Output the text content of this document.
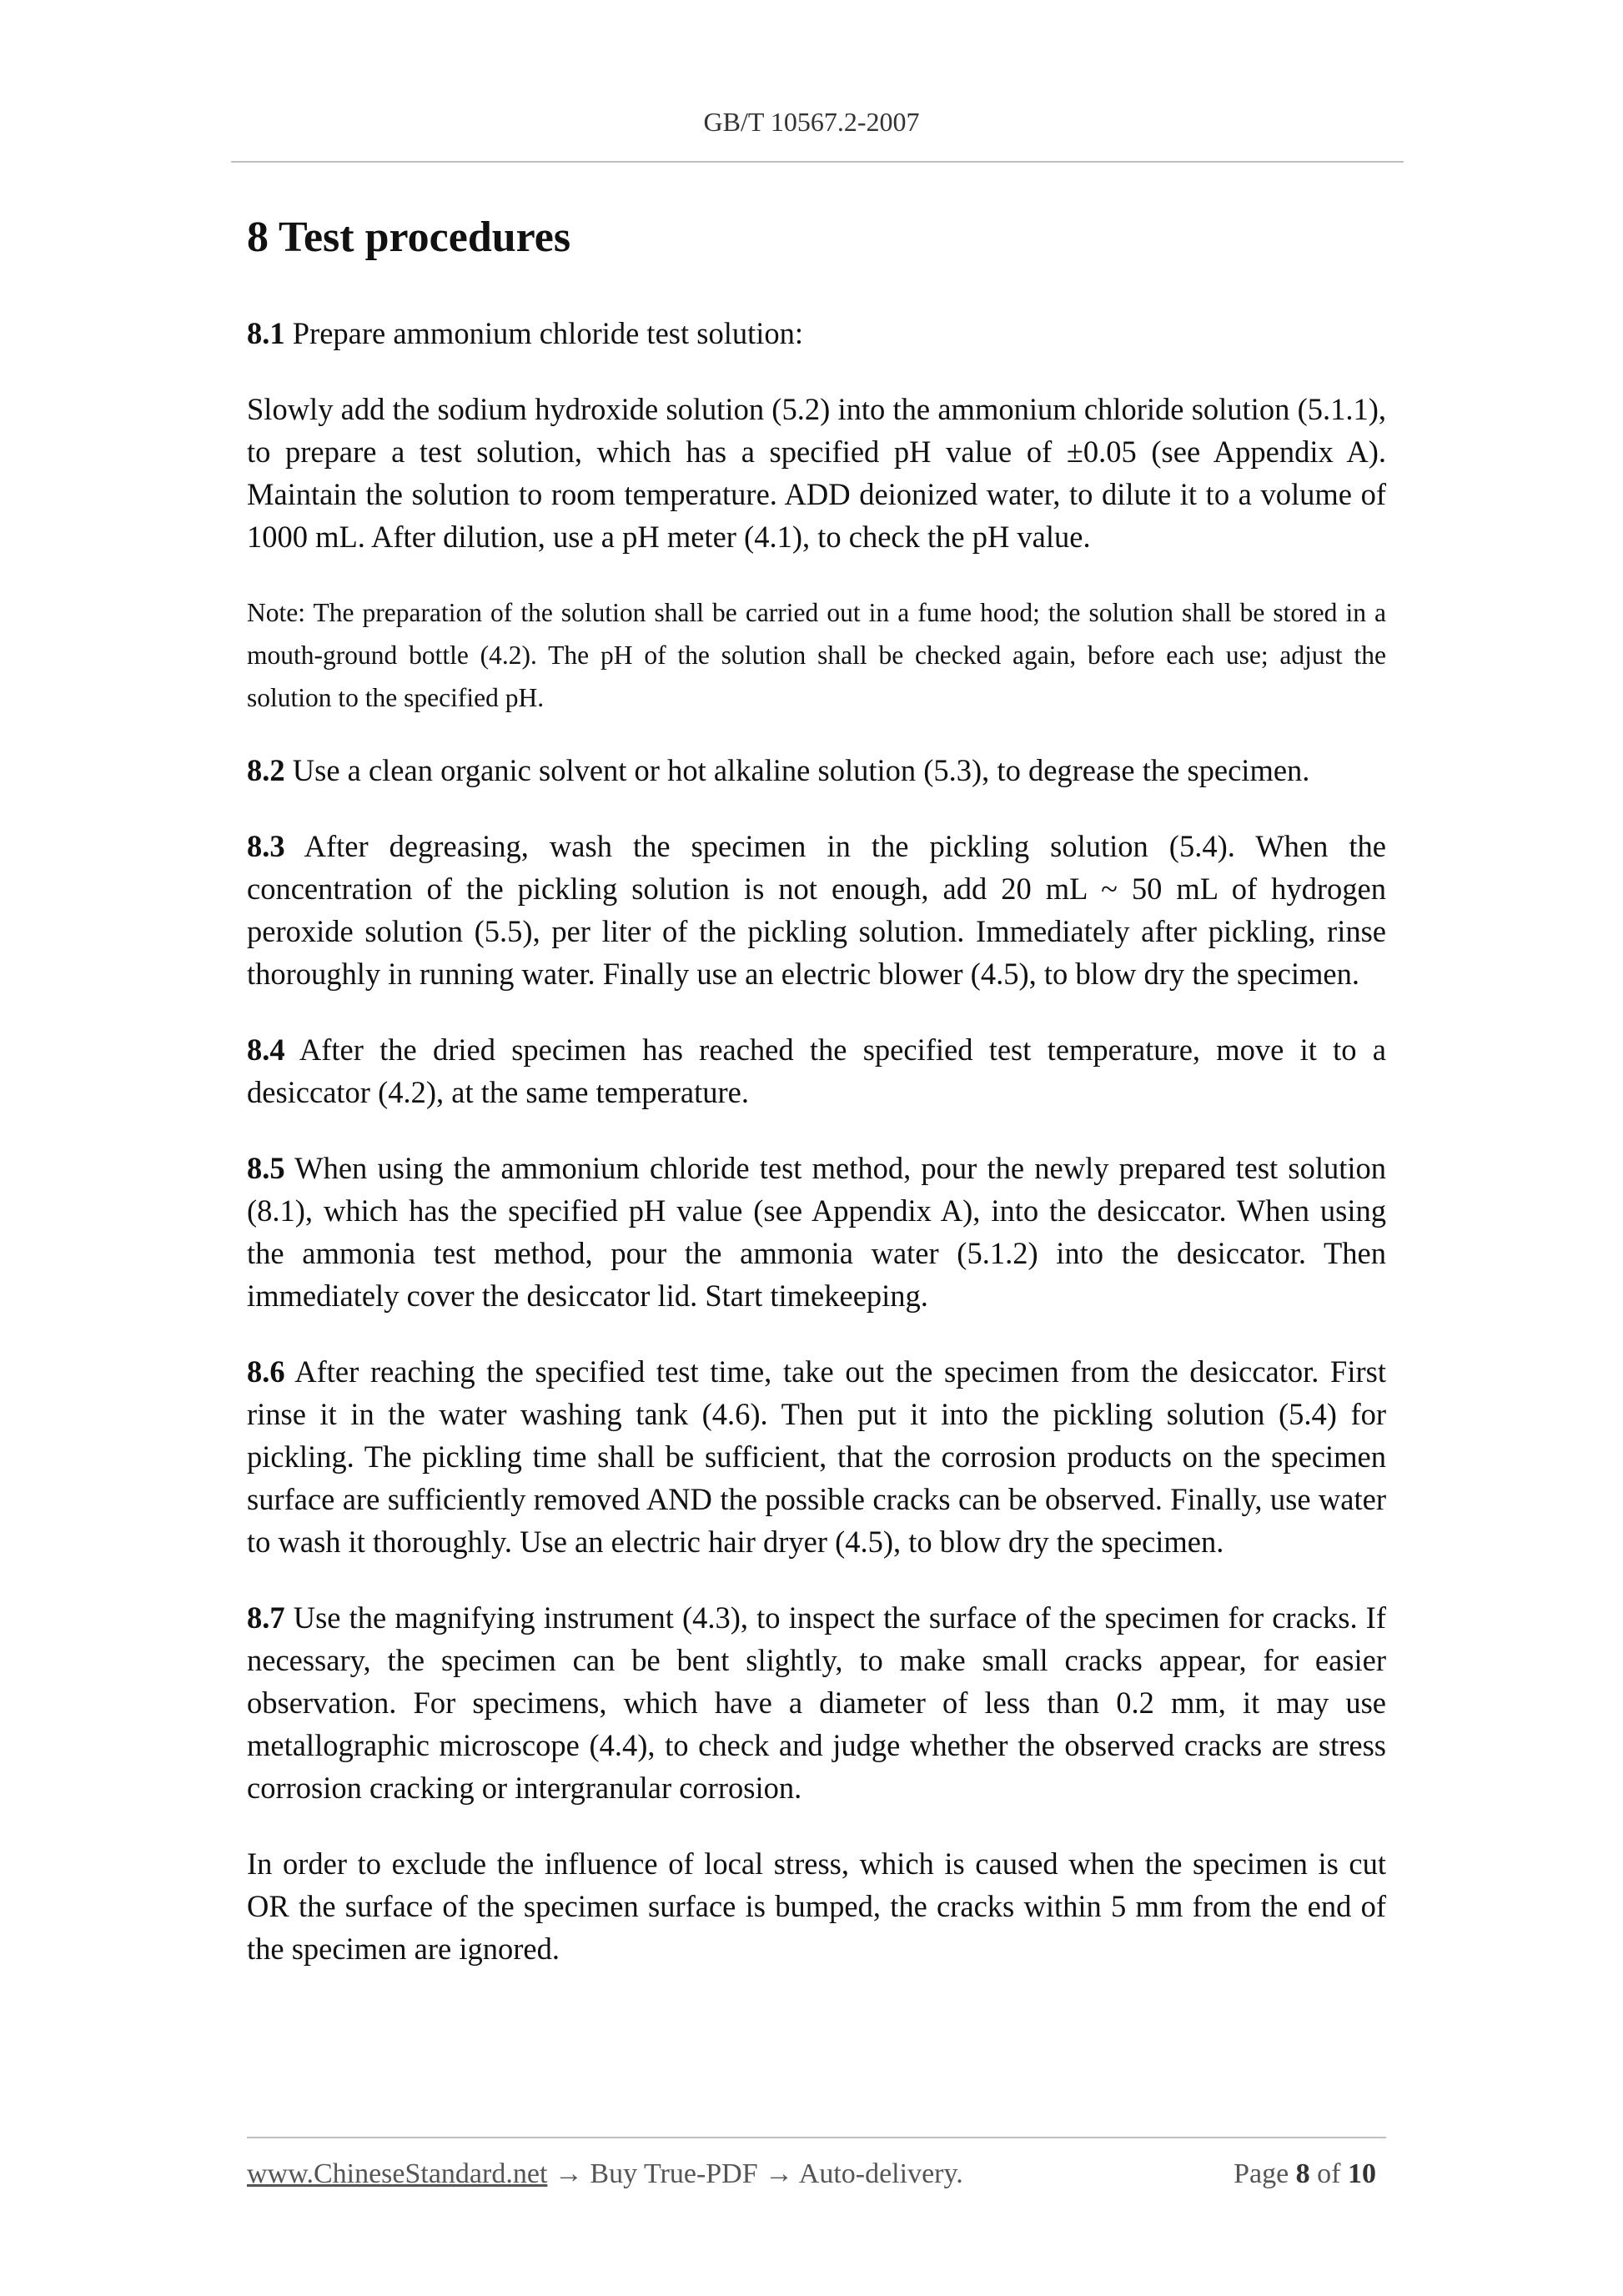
GB/T 10567.2-2007
8 Test procedures

8.1 Prepare ammonium chloride test solution:

Slowly add the sodium hydroxide solution (5.2) into the ammonium chloride solution (5.1.1), to prepare a test solution, which has a specified pH value of ±0.05 (see Appendix A). Maintain the solution to room temperature. ADD deionized water, to dilute it to a volume of 1000 mL. After dilution, use a pH meter (4.1), to check the pH value.

Note: The preparation of the solution shall be carried out in a fume hood; the solution shall be stored in a mouth-ground bottle (4.2). The pH of the solution shall be checked again, before each use; adjust the solution to the specified pH.

8.2 Use a clean organic solvent or hot alkaline solution (5.3), to degrease the specimen.

8.3 After degreasing, wash the specimen in the pickling solution (5.4). When the concentration of the pickling solution is not enough, add 20 mL ~ 50 mL of hydrogen peroxide solution (5.5), per liter of the pickling solution. Immediately after pickling, rinse thoroughly in running water. Finally use an electric blower (4.5), to blow dry the specimen.

8.4 After the dried specimen has reached the specified test temperature, move it to a desiccator (4.2), at the same temperature.

8.5 When using the ammonium chloride test method, pour the newly prepared test solution (8.1), which has the specified pH value (see Appendix A), into the desiccator. When using the ammonia test method, pour the ammonia water (5.1.2) into the desiccator. Then immediately cover the desiccator lid. Start timekeeping.

8.6 After reaching the specified test time, take out the specimen from the desiccator. First rinse it in the water washing tank (4.6). Then put it into the pickling solution (5.4) for pickling. The pickling time shall be sufficient, that the corrosion products on the specimen surface are sufficiently removed AND the possible cracks can be observed. Finally, use water to wash it thoroughly. Use an electric hair dryer (4.5), to blow dry the specimen.

8.7 Use the magnifying instrument (4.3), to inspect the surface of the specimen for cracks. If necessary, the specimen can be bent slightly, to make small cracks appear, for easier observation. For specimens, which have a diameter of less than 0.2 mm, it may use metallographic microscope (4.4), to check and judge whether the observed cracks are stress corrosion cracking or intergranular corrosion.

In order to exclude the influence of local stress, which is caused when the specimen is cut OR the surface of the specimen surface is bumped, the cracks within 5 mm from the end of the specimen are ignored.

www.ChineseStandard.net → Buy True-PDF → Auto-delivery.	Page 8 of 10
